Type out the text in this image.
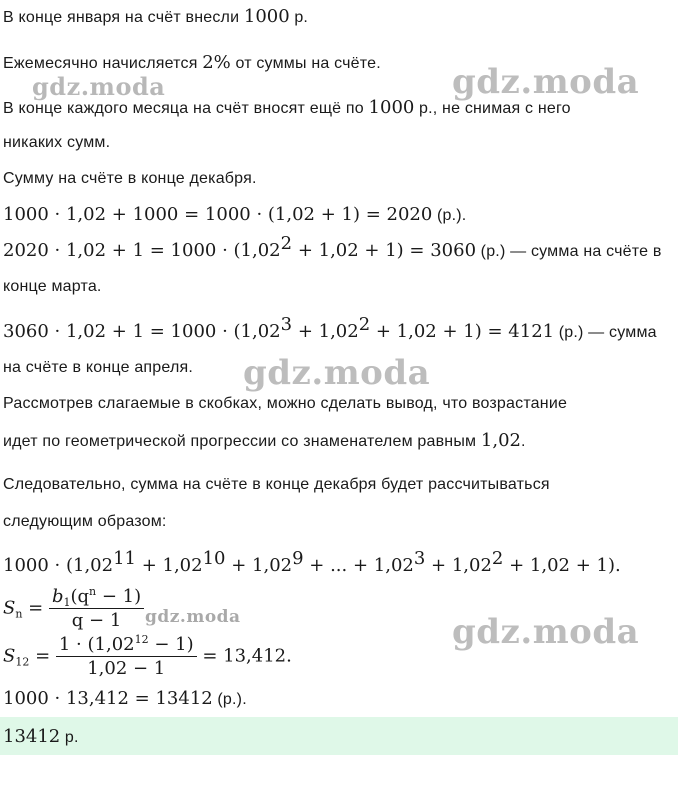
gdz.moda	gdz.moda
gdz.moda
gdz.moda	gdz.moda
В конце января на счёт внесли 1000 р.
Ежемесячно начисляется 2% от суммы на счёте.
В конце каждого месяца на счёт вносят ещё по 1000 р., не снимая с него
никаких сумм.
Сумму на счёте в конце декабря.
1000 · 1,02 + 1000 = 1000 · (1,02 + 1) = 2020 (р.).
$2020 \cdot 1,02 + 1 = 1000 \cdot (1,02^2 + 1,02 + 1) = 3060$ (р.) — сумма на счёте в
конце марта.
$3060 \cdot 1,02 + 1 = 1000 \cdot (1,02^3 + 1,02^2 + 1,02 + 1) = 4121$ (р.) — сумма
на счёте в конце апреля.
Рассмотрев слагаемые в скобках, можно сделать вывод, что возрастание
идет по геометрической прогрессии со знаменателем равным 1,02.
Следовательно, сумма на счёте в конце декабря будет рассчитываться
следующим образом:
$1000 \cdot (1,02^{11} + 1,02^{10} + 1,02^9$ + ... + $1,02^3 + 1,02^2 + 1,02 + 1$).
$S_n = \frac{b_1(q^n - 1)}{q - 1}$
$S_{12} = \frac{1 \cdot (1,02^{12} - 1)}{1,02 - 1} = 13,412$.
1000 · 13,412 = 13412 (р.).
13412 р.
